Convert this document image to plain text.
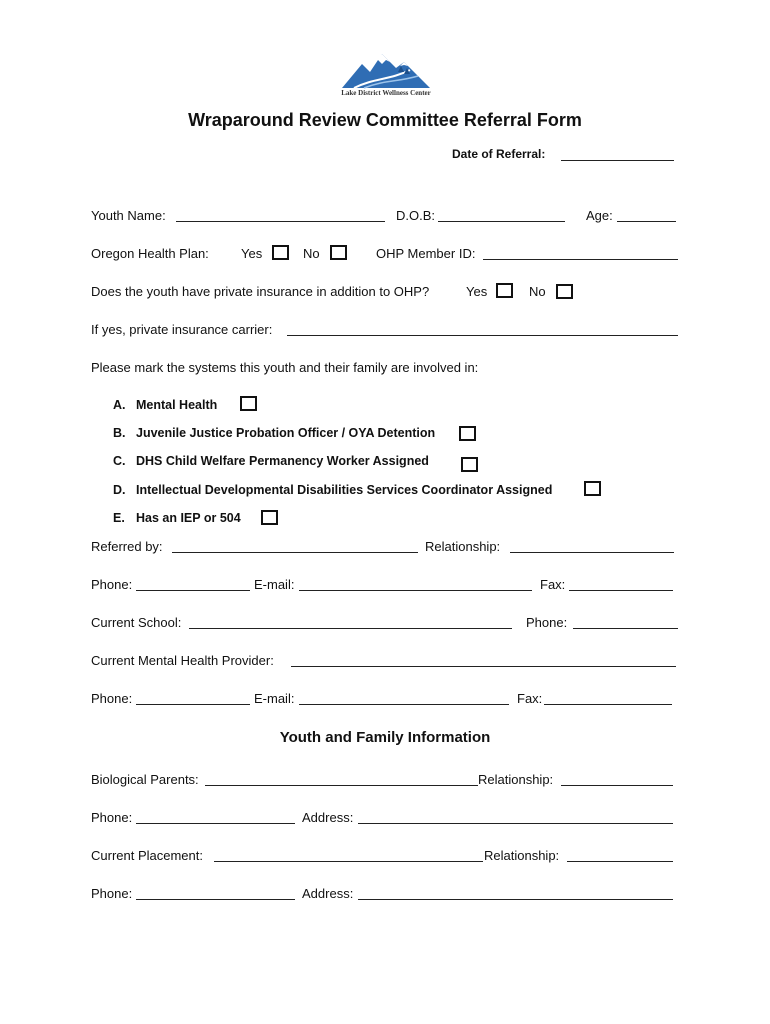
Lake District Wellness Center
Wraparound Review Committee Referral Form
Date of Referral:
Youth Name:	D.O.B:	Age:
Oregon Health Plan: Yes	No	OHP Member ID:
Does the youth have private insurance in addition to OHP?	Yes	No
If yes, private insurance carrier:
Please mark the systems this youth and their family are involved in:
A. Mental Health
B. Juvenile Justice Probation Officer / OYA Detention
C. DHS Child Welfare Permanency Worker Assigned
D. Intellectual Developmental Disabilities Services Coordinator Assigned
E. Has an IEP or 504
Referred by:	Relationship:
Phone:	E-mail:	Fax:
Current School:	Phone:
Current Mental Health Provider:
Phone:	E-mail:	Fax:
Youth and Family Information
Biological Parents:	Relationship:
Phone:	Address:
Current Placement:	Relationship:
Phone:	Address:
